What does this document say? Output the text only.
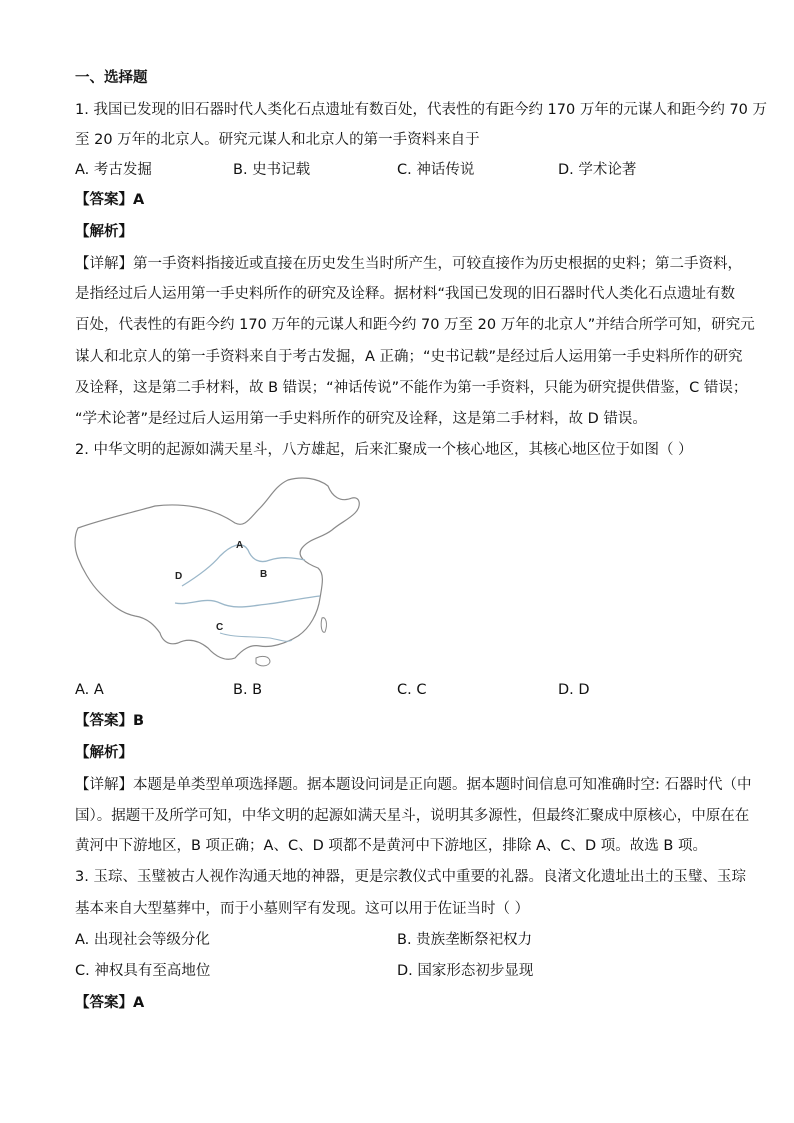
一、选择题
1. 我国已发现的旧石器时代人类化石点遗址有数百处，代表性的有距今约 170 万年的元谋人和距今约 70 万
至 20 万年的北京人。研究元谋人和北京人的第一手资料来自于
A. 考古发掘	B. 史书记载	C. 神话传说	D. 学术论著
【答案】A
【解析】
【详解】第一手资料指接近或直接在历史发生当时所产生，可较直接作为历史根据的史料；第二手资料，
是指经过后人运用第一手史料所作的研究及诠释。据材料“我国已发现的旧石器时代人类化石点遗址有数
百处，代表性的有距今约 170 万年的元谋人和距今约 70 万至 20 万年的北京人”并结合所学可知，研究元
谋人和北京人的第一手资料来自于考古发掘，A 正确；“史书记载”是经过后人运用第一手史料所作的研究
及诠释，这是第二手材料，故 B 错误；“神话传说”不能作为第一手资料，只能为研究提供借鉴，C 错误；
“学术论著”是经过后人运用第一手史料所作的研究及诠释，这是第二手材料，故 D 错误。
2. 中华文明的起源如满天星斗，八方雄起，后来汇聚成一个核心地区，其核心地区位于如图（ ）
A
B
C
D
A. A	B. B	C. C	D. D
【答案】B
【解析】
【详解】本题是单类型单项选择题。据本题设问词是正向题。据本题时间信息可知准确时空: 石器时代（中
国）。据题干及所学可知，中华文明的起源如满天星斗，说明其多源性，但最终汇聚成中原核心，中原在在
黄河中下游地区，B 项正确；A、C、D 项都不是黄河中下游地区，排除 A、C、D 项。故选 B 项。
3. 玉琮、玉璧被古人视作沟通天地的神器，更是宗教仪式中重要的礼器。良渚文化遗址出土的玉璧、玉琮
基本来自大型墓葬中，而于小墓则罕有发现。这可以用于佐证当时（ ）
A. 出现社会等级分化	B. 贵族垄断祭祀权力
C. 神权具有至高地位	D. 国家形态初步显现
【答案】A
